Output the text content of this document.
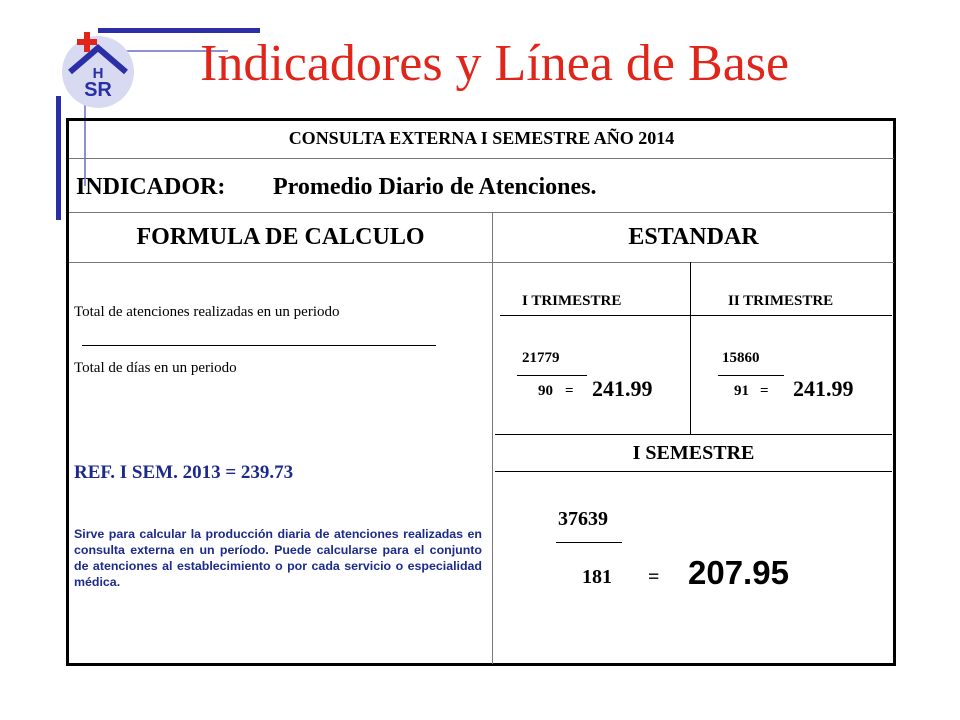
H
SR Indicadores y Línea de Base
CONSULTA EXTERNA I SEMESTRE AÑO 2014
INDICADOR: Promedio Diario de Atenciones.
FORMULA DE CALCULO	ESTANDAR
Total de atenciones realizadas en un periodo
Total de días en un periodo
REF. I SEM. 2013 = 239.73
Sirve para calcular la producción diaria de atenciones realizadas en consulta externa en un período. Puede calcularse para el conjunto de atenciones al establecimiento o por cada servicio o especialidad médica.
I TRIMESTRE	II TRIMESTRE
21779
90 = 241.99
15860
91 = 241.99
I SEMESTRE
37639
181 = 207.95
